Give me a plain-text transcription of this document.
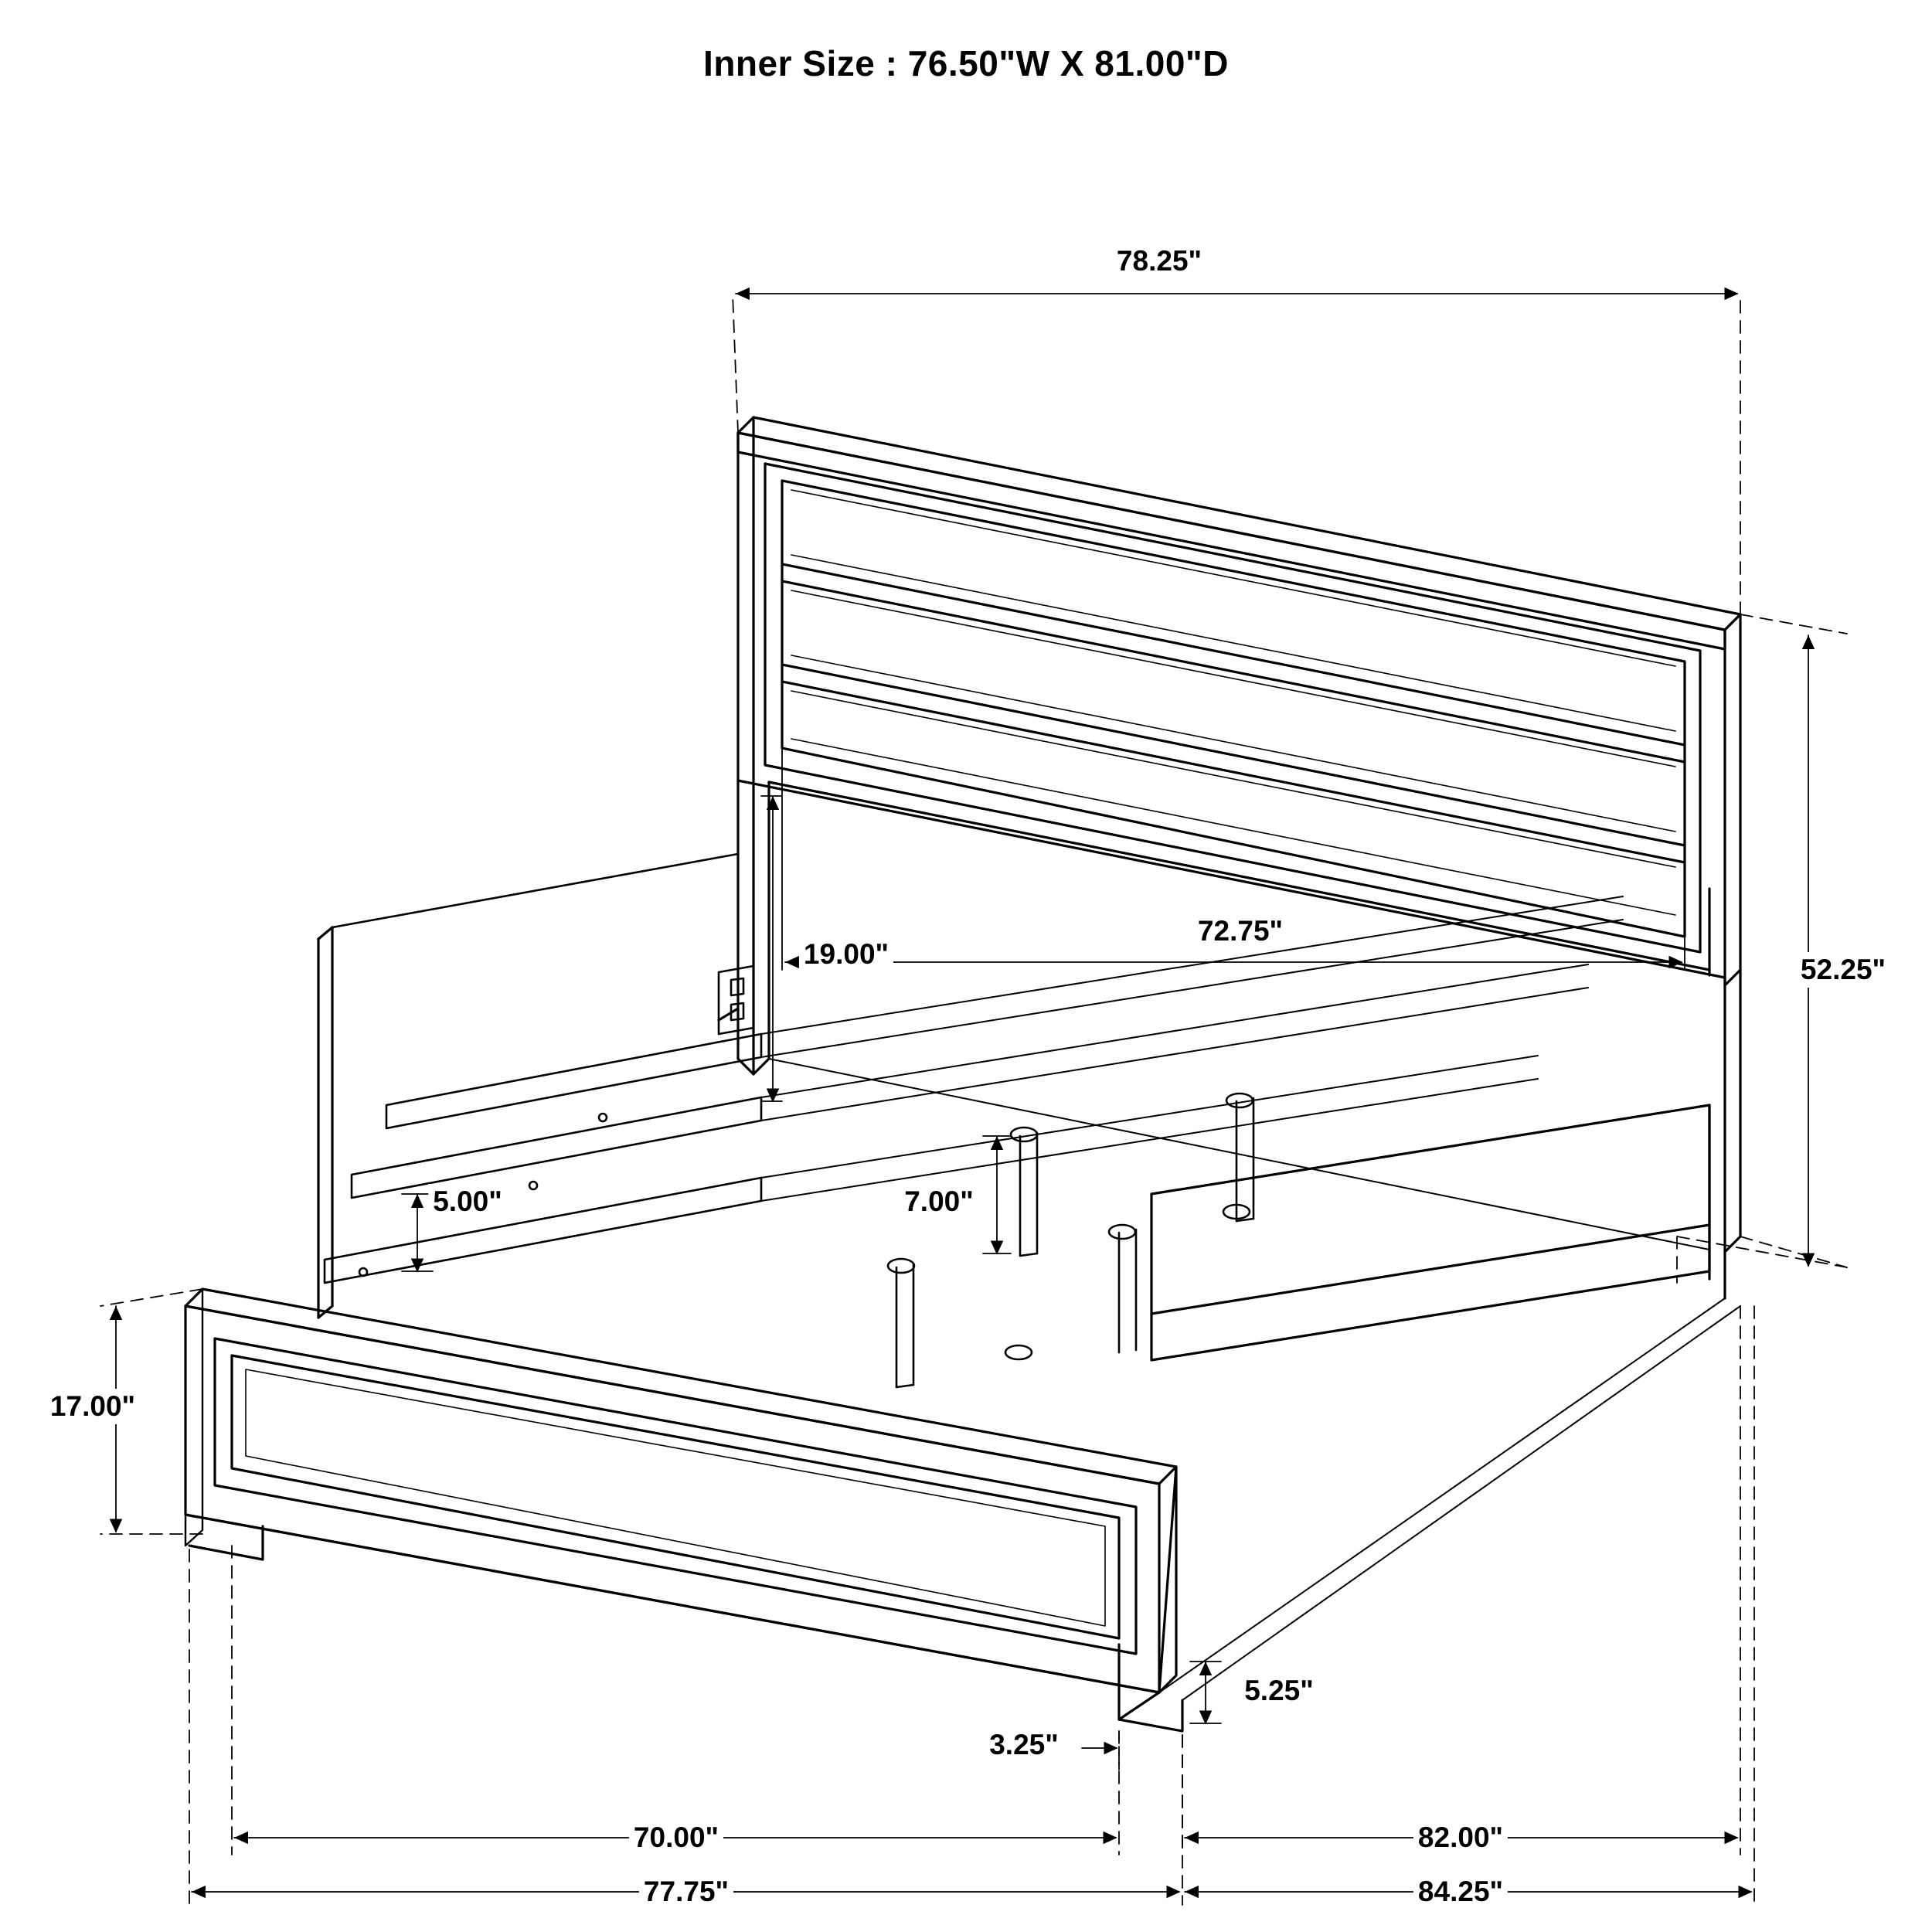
Inner Size : 76.50"W X 81.00"D
78.25"
72.75"
52.25"
19.00"
5.00"	7.00"
17.00"
5.25"
3.25"
70.00"
77.75"
82.00"
84.25"
